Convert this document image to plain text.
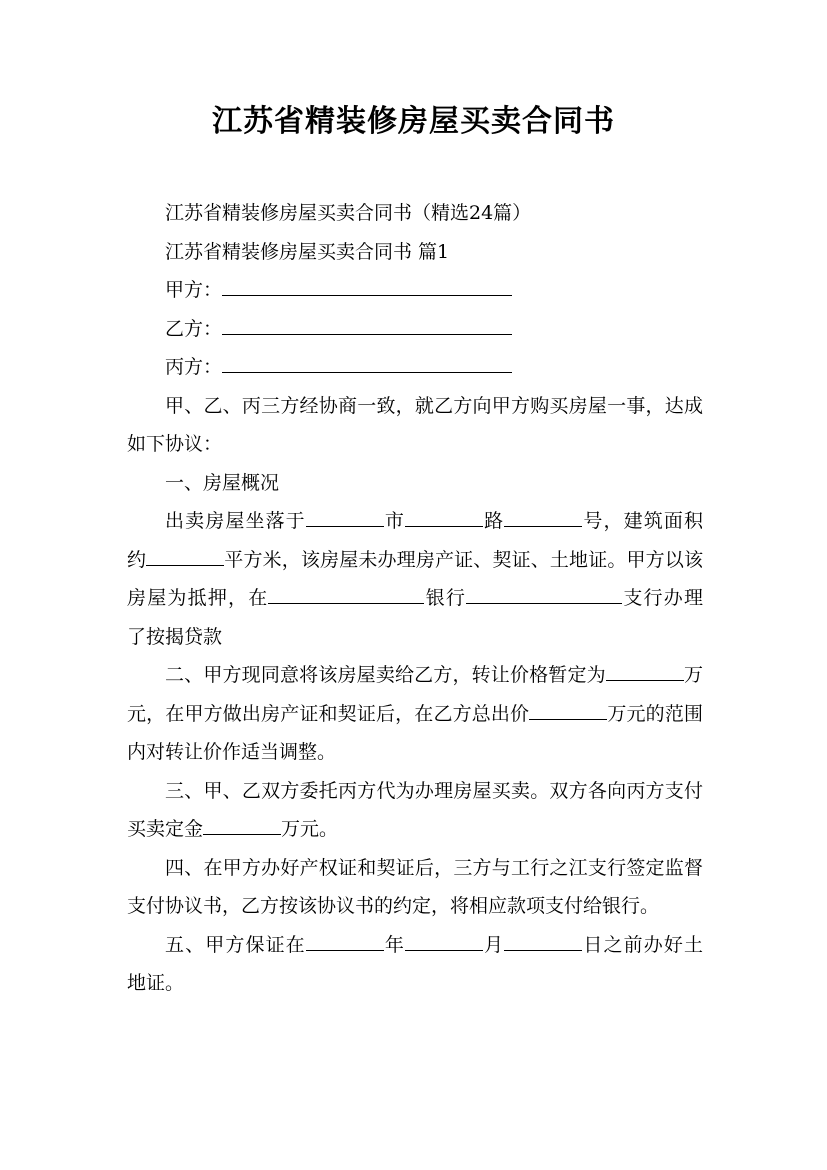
江苏省精装修房屋买卖合同书

江苏省精装修房屋买卖合同书（精选24篇）

江苏省精装修房屋买卖合同书 篇1

甲方：

乙方：

丙方：

甲、乙、丙三方经协商一致，就乙方向甲方购买房屋一事，达成如下协议：

一、房屋概况

出卖房屋坐落于	市	路	号，建筑面积约	平方米，该房屋未办理房产证、契证、土地证。甲方以该房屋为抵押，在	银行	支行办理了按揭贷款

二、甲方现同意将该房屋卖给乙方，转让价格暂定为	万元，在甲方做出房产证和契证后，在乙方总出价	万元的范围内对转让价作适当调整。

三、甲、乙双方委托丙方代为办理房屋买卖。双方各向丙方支付买卖定金	万元。

四、在甲方办好产权证和契证后，三方与工行之江支行签定监督支付协议书，乙方按该协议书的约定，将相应款项支付给银行。

五、甲方保证在	年	月	日之前办好土地证。
